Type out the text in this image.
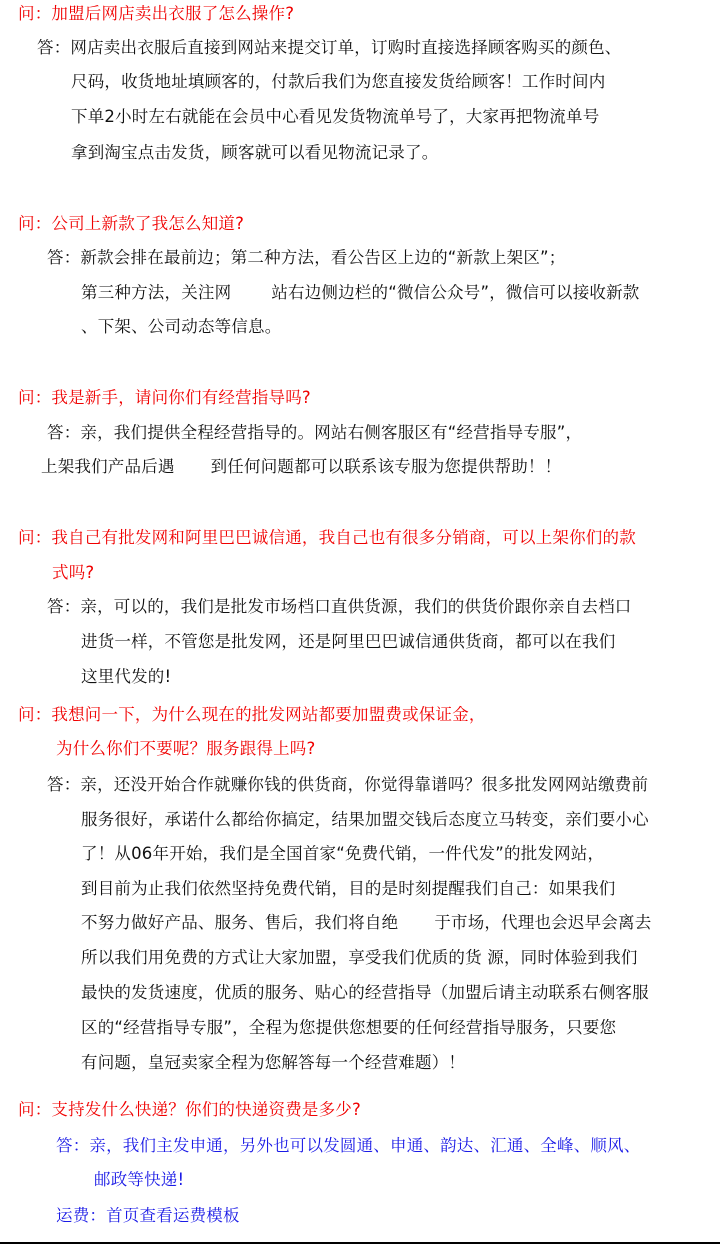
问：加盟后网店卖出衣服了怎么操作?
答：网店卖出衣服后直接到网站来提交订单，订购时直接选择顾客购买的颜色、
尺码，收货地址填顾客的，付款后我们为您直接发货给顾客！工作时间内
下单2小时左右就能在会员中心看见发货物流单号了，大家再把物流单号
拿到淘宝点击发货，顾客就可以看见物流记录了。
问：公司上新款了我怎么知道?
答：新款会排在最前边；第二种方法，看公告区上边的“新款上架区”；
第三种方法，关注网 站右边侧边栏的“微信公众号”，微信可以接收新款
、下架、公司动态等信息。
问：我是新手，请问你们有经营指导吗?
答：亲，我们提供全程经营指导的。网站右侧客服区有“经营指导专服”，
上架我们产品后遇 到任何问题都可以联系该专服为您提供帮助！！
问：我自己有批发网和阿里巴巴诚信通，我自己也有很多分销商，可以上架你们的款
式吗?
答：亲，可以的，我们是批发市场档口直供货源，我们的供货价跟你亲自去档口
进货一样，不管您是批发网，还是阿里巴巴诚信通供货商，都可以在我们
这里代发的!
问：我想问一下，为什么现在的批发网站都要加盟费或保证金，
为什么你们不要呢？服务跟得上吗?
答：亲，还没开始合作就赚你钱的供货商，你觉得靠谱吗？很多批发网网站缴费前
服务很好，承诺什么都给你搞定，结果加盟交钱后态度立马转变，亲们要小心
了！从06年开始，我们是全国首家“免费代销，一件代发”的批发网站，
到目前为止我们依然坚持免费代销，目的是时刻提醒我们自己：如果我们
不努力做好产品、服务、售后，我们将自绝 于市场，代理也会迟早会离去
所以我们用免费的方式让大家加盟，享受我们优质的货 源，同时体验到我们
最快的发货速度，优质的服务、贴心的经营指导（加盟后请主动联系右侧客服
区的“经营指导专服”，全程为您提供您想要的任何经营指导服务，只要您
有问题，皇冠卖家全程为您解答每一个经营难题）！
问：支持发什么快递？你们的快递资费是多少?
答：亲，我们主发申通，另外也可以发圆通、申通、韵达、汇通、全峰、顺风、
邮政等快递!
运费：首页查看运费模板
